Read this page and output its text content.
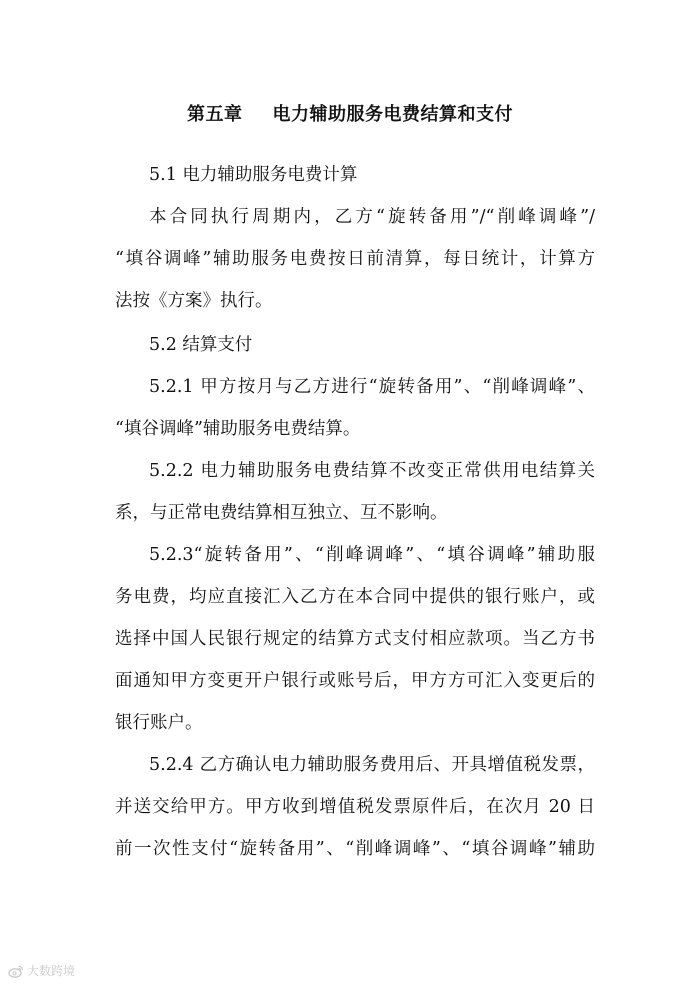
第五章 电力辅助服务电费结算和支付
5.1 电力辅助服务电费计算
本合同执行周期内，乙方“旋转备用”/“削峰调峰”/
“填谷调峰”辅助服务电费按日前清算，每日统计，计算方
法按《方案》执行。
5.2 结算支付
5.2.1 甲方按月与乙方进行“旋转备用”、“削峰调峰”、
“填谷调峰”辅助服务电费结算。
5.2.2 电力辅助服务电费结算不改变正常供用电结算关
系，与正常电费结算相互独立、互不影响。
5.2.3“旋转备用”、“削峰调峰”、“填谷调峰”辅助服
务电费，均应直接汇入乙方在本合同中提供的银行账户，或
选择中国人民银行规定的结算方式支付相应款项。当乙方书
面通知甲方变更开户银行或账号后，甲方方可汇入变更后的
银行账户。
5.2.4 乙方确认电力辅助服务费用后、开具增值税发票，
并送交给甲方。甲方收到增值税发票原件后，在次月 20 日
前一次性支付“旋转备用”、“削峰调峰”、“填谷调峰”辅助
大数跨境
